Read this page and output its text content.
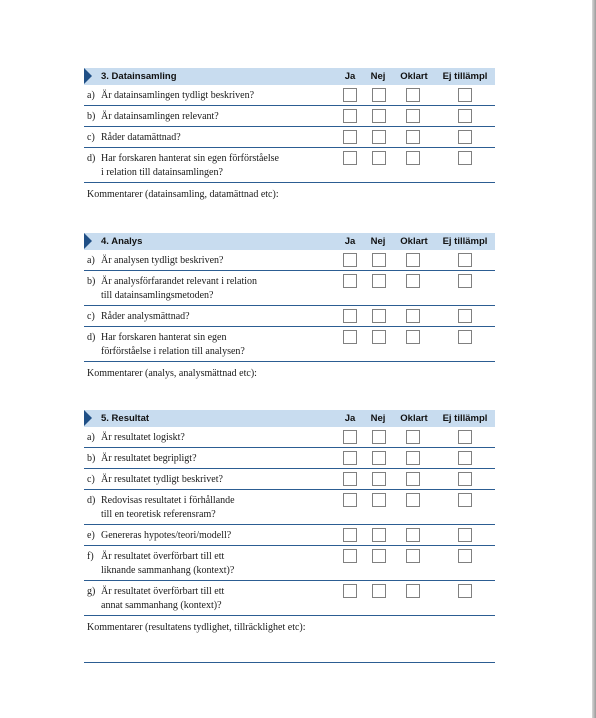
3. Datainsamling	Ja	Nej	Oklart	Ej tillämpl
a) Är datainsamlingen tydligt beskriven?
b) Är datainsamlingen relevant?
c) Råder datamättnad?
d) Har forskaren hanterat sin egen förförståelse
i relation till datainsamlingen?
Kommentarer (datainsamling, datamättnad etc):
4. Analys	Ja	Nej	Oklart	Ej tillämpl
a) Är analysen tydligt beskriven?
b) Är analysförfarandet relevant i relation
till datainsamlingsmetoden?
c) Råder analysmättnad?
d) Har forskaren hanterat sin egen
förförståelse i relation till analysen?
Kommentarer (analys, analysmättnad etc):
5. Resultat	Ja	Nej	Oklart	Ej tillämpl
a) Är resultatet logiskt?
b) Är resultatet begripligt?
c) Är resultatet tydligt beskrivet?
d) Redovisas resultatet i förhållande
till en teoretisk referensram?
e) Genereras hypotes/teori/modell?
f) Är resultatet överförbart till ett
liknande sammanhang (kontext)?
g) Är resultatet överförbart till ett
annat sammanhang (kontext)?
Kommentarer (resultatens tydlighet, tillräcklighet etc):
